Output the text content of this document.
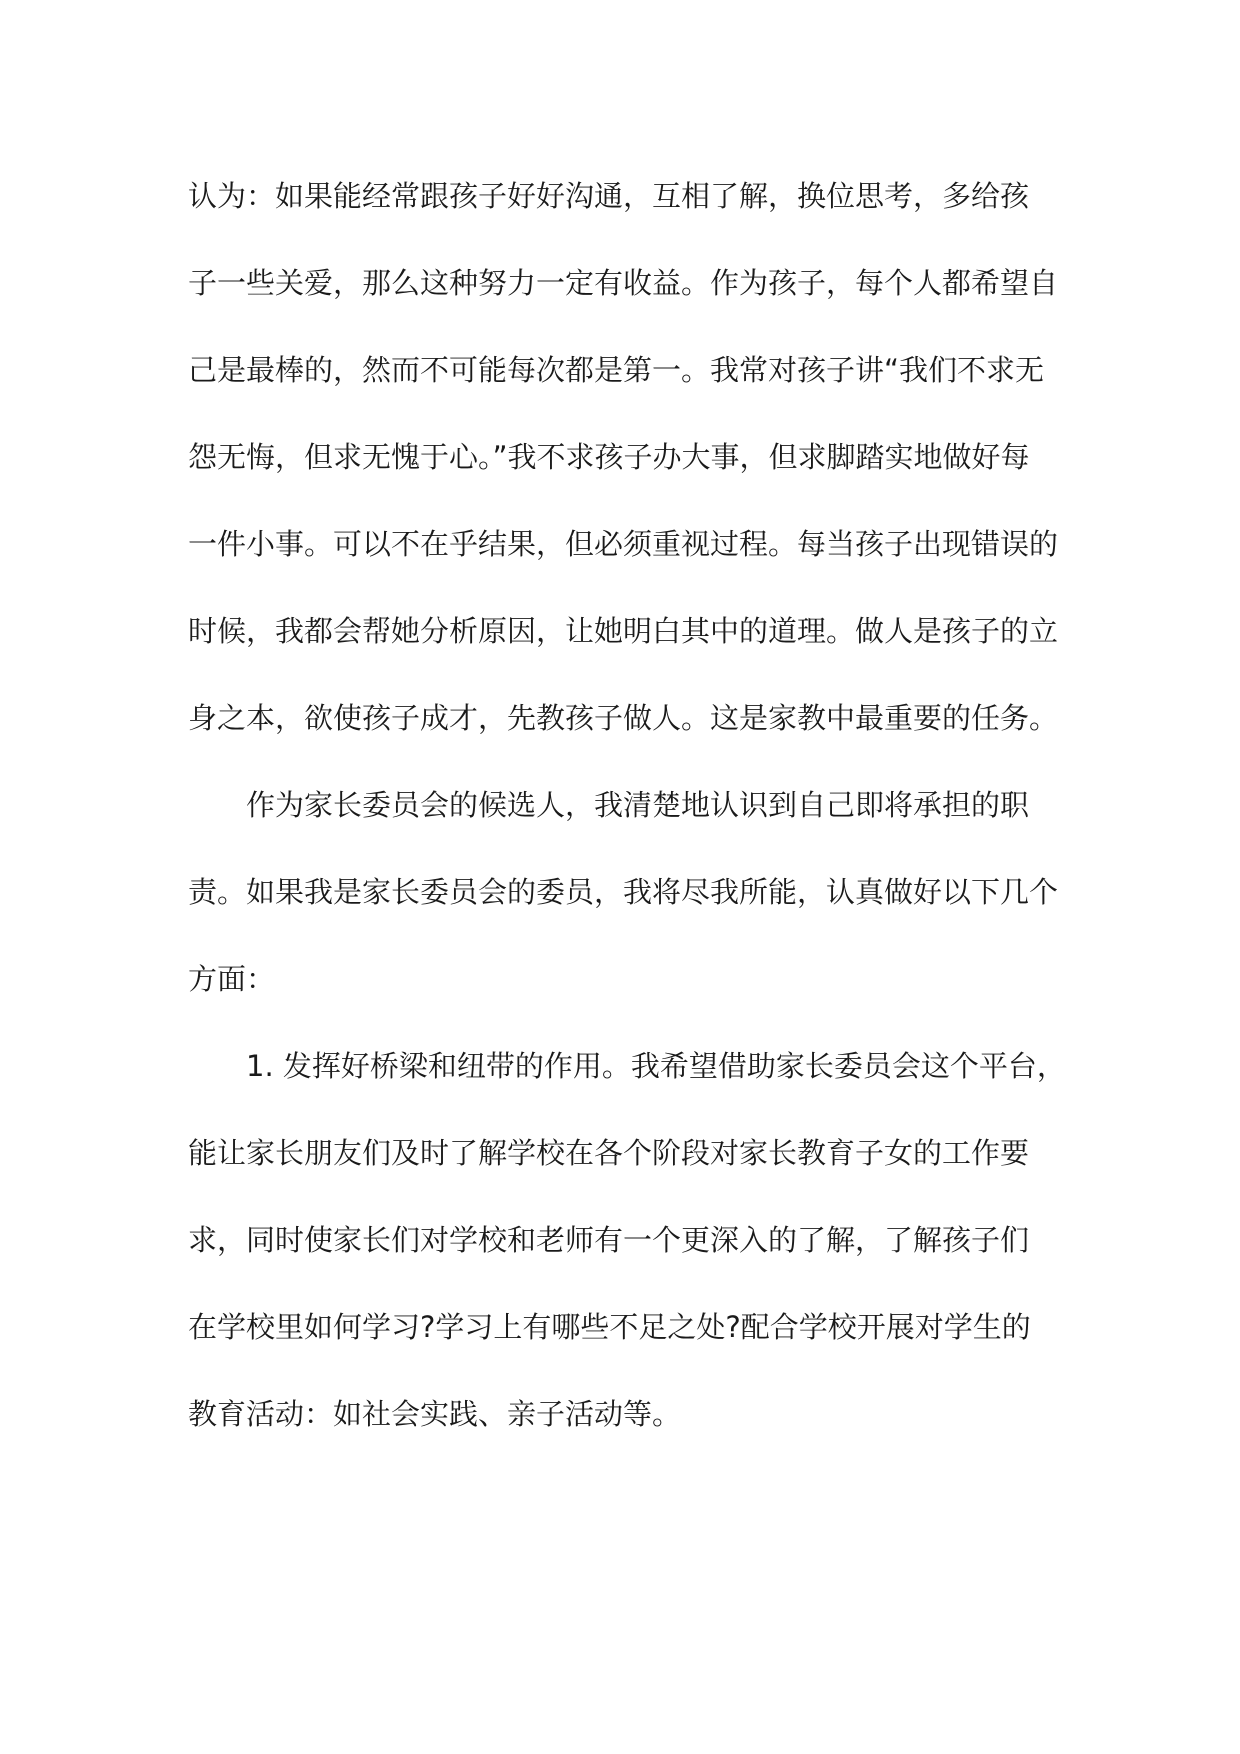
认为：如果能经常跟孩子好好沟通，互相了解，换位思考，多给孩
子一些关爱，那么这种努力一定有收益。作为孩子，每个人都希望自
己是最棒的，然而不可能每次都是第一。我常对孩子讲“我们不求无
怨无悔，但求无愧于心。”我不求孩子办大事，但求脚踏实地做好每
一件小事。可以不在乎结果，但必须重视过程。每当孩子出现错误的
时候，我都会帮她分析原因，让她明白其中的道理。做人是孩子的立
身之本，欲使孩子成才，先教孩子做人。这是家教中最重要的任务。
作为家长委员会的候选人，我清楚地认识到自己即将承担的职
责。如果我是家长委员会的委员，我将尽我所能，认真做好以下几个
方面：
1. 发挥好桥梁和纽带的作用。我希望借助家长委员会这个平台，
能让家长朋友们及时了解学校在各个阶段对家长教育子女的工作要
求，同时使家长们对学校和老师有一个更深入的了解，了解孩子们
在学校里如何学习?学习上有哪些不足之处?配合学校开展对学生的
教育活动：如社会实践、亲子活动等。
